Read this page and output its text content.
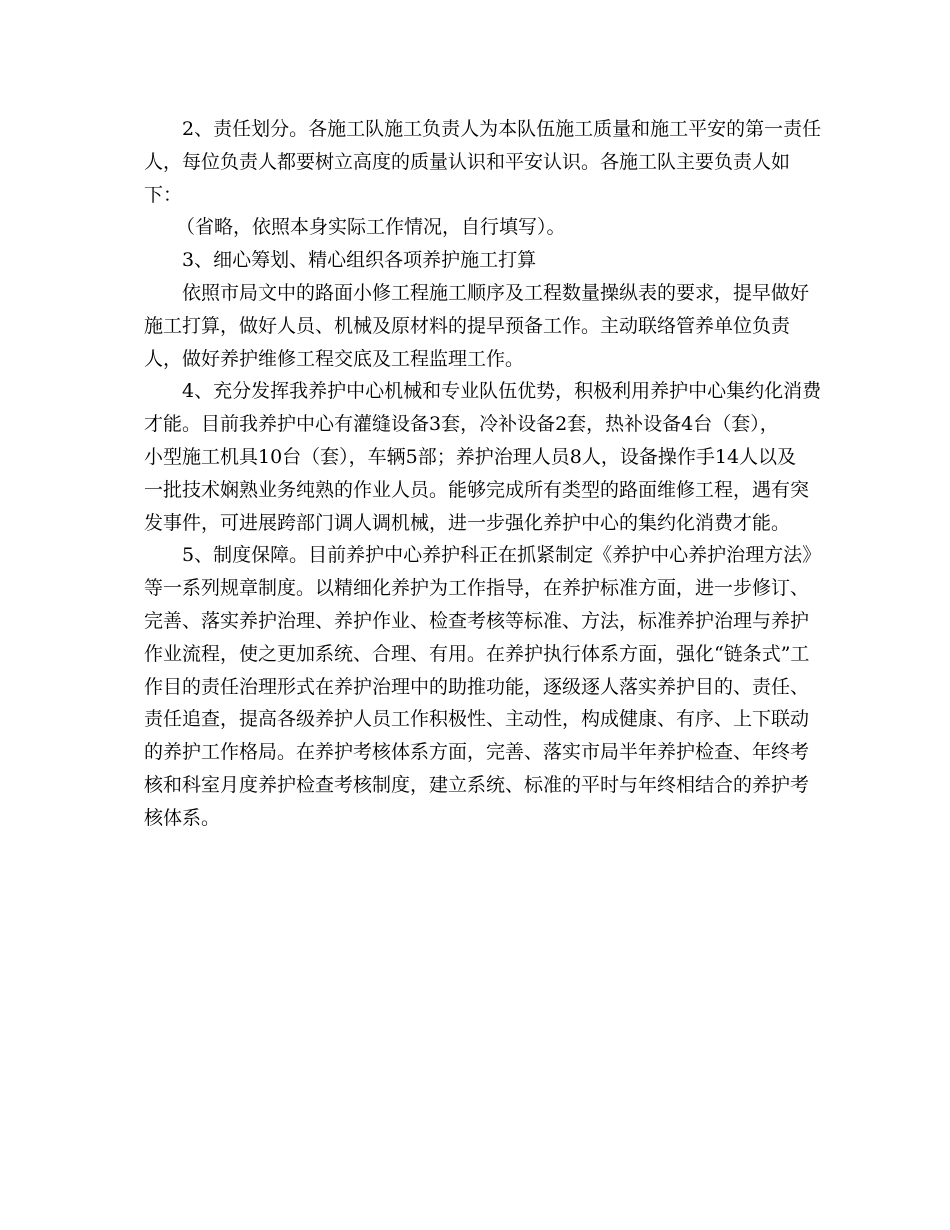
2、责任划分。各施工队施工负责人为本队伍施工质量和施工平安的第一责任
人，每位负责人都要树立高度的质量认识和平安认识。各施工队主要负责人如
下：
（省略，依照本身实际工作情况，自行填写）。
3、细心筹划、精心组织各项养护施工打算
依照市局文中的路面小修工程施工顺序及工程数量操纵表的要求，提早做好
施工打算，做好人员、机械及原材料的提早预备工作。主动联络管养单位负责
人，做好养护维修工程交底及工程监理工作。
4、充分发挥我养护中心机械和专业队伍优势，积极利用养护中心集约化消费
才能。目前我养护中心有灌缝设备3套，冷补设备2套，热补设备4台（套），
小型施工机具10台（套），车辆5部；养护治理人员8人，设备操作手14人以及
一批技术娴熟业务纯熟的作业人员。能够完成所有类型的路面维修工程，遇有突
发事件，可进展跨部门调人调机械，进一步强化养护中心的集约化消费才能。
5、制度保障。目前养护中心养护科正在抓紧制定《养护中心养护治理方法》
等一系列规章制度。以精细化养护为工作指导，在养护标准方面，进一步修订、
完善、落实养护治理、养护作业、检查考核等标准、方法，标准养护治理与养护
作业流程，使之更加系统、合理、有用。在养护执行体系方面，强化“链条式”工
作目的责任治理形式在养护治理中的助推功能，逐级逐人落实养护目的、责任、
责任追查，提高各级养护人员工作积极性、主动性，构成健康、有序、上下联动
的养护工作格局。在养护考核体系方面，完善、落实市局半年养护检查、年终考
核和科室月度养护检查考核制度，建立系统、标准的平时与年终相结合的养护考
核体系。
